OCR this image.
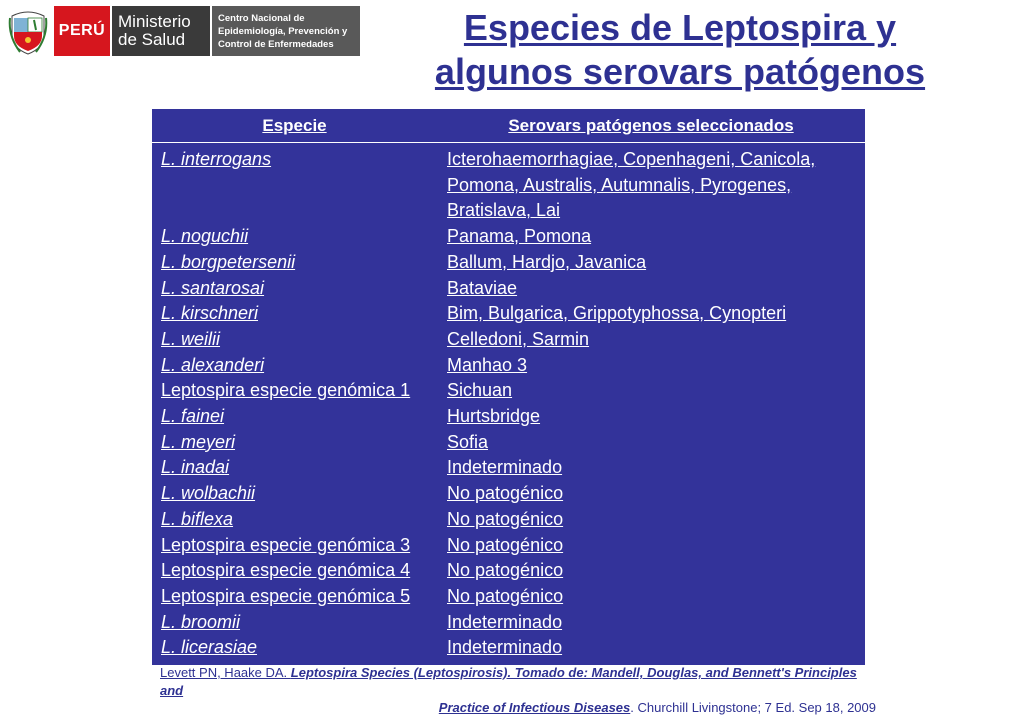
PERÚ Ministerio
de Salud
Centro Nacional de
Epidemiología, Prevención y
Control de Enfermedades	Especies de Leptospira y
algunos serovars patógenos
Especie	Serovars patógenos seleccionados
L. interrogans	Icterohaemorrhagiae, Copenhageni, Canicola,
Pomona, Australis, Autumnalis, Pyrogenes,
Bratislava, Lai
L. noguchii	Panama, Pomona
L. borgpetersenii	Ballum, Hardjo, Javanica
L. santarosai	Bataviae
L. kirschneri	Bim, Bulgarica, Grippotyphossa, Cynopteri
L. weilii	Celledoni, Sarmin
L. alexanderi	Manhao 3
Leptospira especie genómica 1	Sichuan
L. fainei	Hurtsbridge
L. meyeri	Sofia
L. inadai	Indeterminado
L. wolbachii	No patogénico
L. biflexa	No patogénico
Leptospira especie genómica 3	No patogénico
Leptospira especie genómica 4	No patogénico
Leptospira especie genómica 5	No patogénico
L. broomii	Indeterminado
L. licerasiae	Indeterminado
Levett PN, Haake DA. Leptospira Species (Leptospirosis). Tomado de: Mandell, Douglas, and Bennett's Principles and
Practice of Infectious Diseases. Churchill Livingstone; 7 Ed. Sep 18, 2009
